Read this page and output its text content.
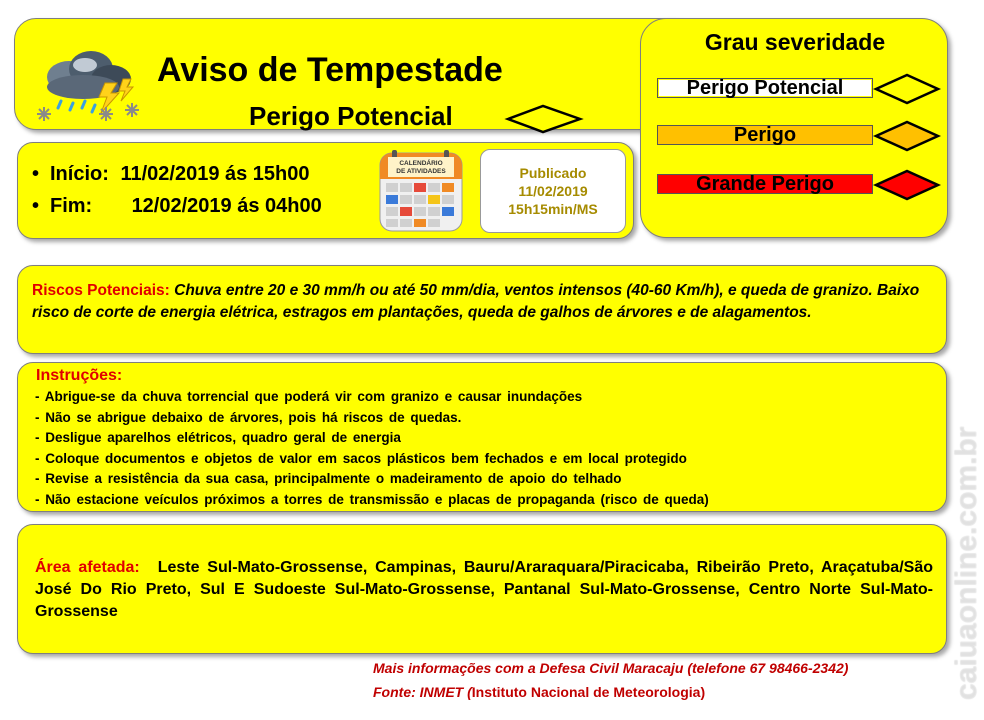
Aviso de Tempestade
Perigo Potencial
Grau severidade
Perigo Potencial
Perigo
Grande Perigo
• Início: 11/02/2019 ás 15h00
• Fim: 12/02/2019 ás 04h00
CALENDÁRIO
DE ATIVIDADES	Publicado
11/02/2019
15h15min/MS
Riscos Potenciais: Chuva entre 20 e 30 mm/h ou até 50 mm/dia, ventos intensos (40-60 Km/h), e queda de granizo. Baixo risco de corte de energia elétrica, estragos em plantações, queda de galhos de árvores e de alagamentos.
Instruções:
- Abrigue-se da chuva torrencial que poderá vir com granizo e causar inundações
- Não se abrigue debaixo de árvores, pois há riscos de quedas.
- Desligue aparelhos elétricos, quadro geral de energia
- Coloque documentos e objetos de valor em sacos plásticos bem fechados e em local protegido
- Revise a resistência da sua casa, principalmente o madeiramento de apoio do telhado
- Não estacione veículos próximos a torres de transmissão e placas de propaganda (risco de queda)
Área afetada: Leste Sul-Mato-Grossense, Campinas, Bauru/Araraquara/Piracicaba, Ribeirão Preto, Araçatuba/São José Do Rio Preto, Sul E Sudoeste Sul-Mato-Grossense, Pantanal Sul-Mato-Grossense, Centro Norte Sul-Mato-Grossense
Mais informações com a Defesa Civil Maracaju (telefone 67 98466-2342)
Fonte: INMET (Instituto Nacional de Meteorologia)	caiuaonline.com.br
